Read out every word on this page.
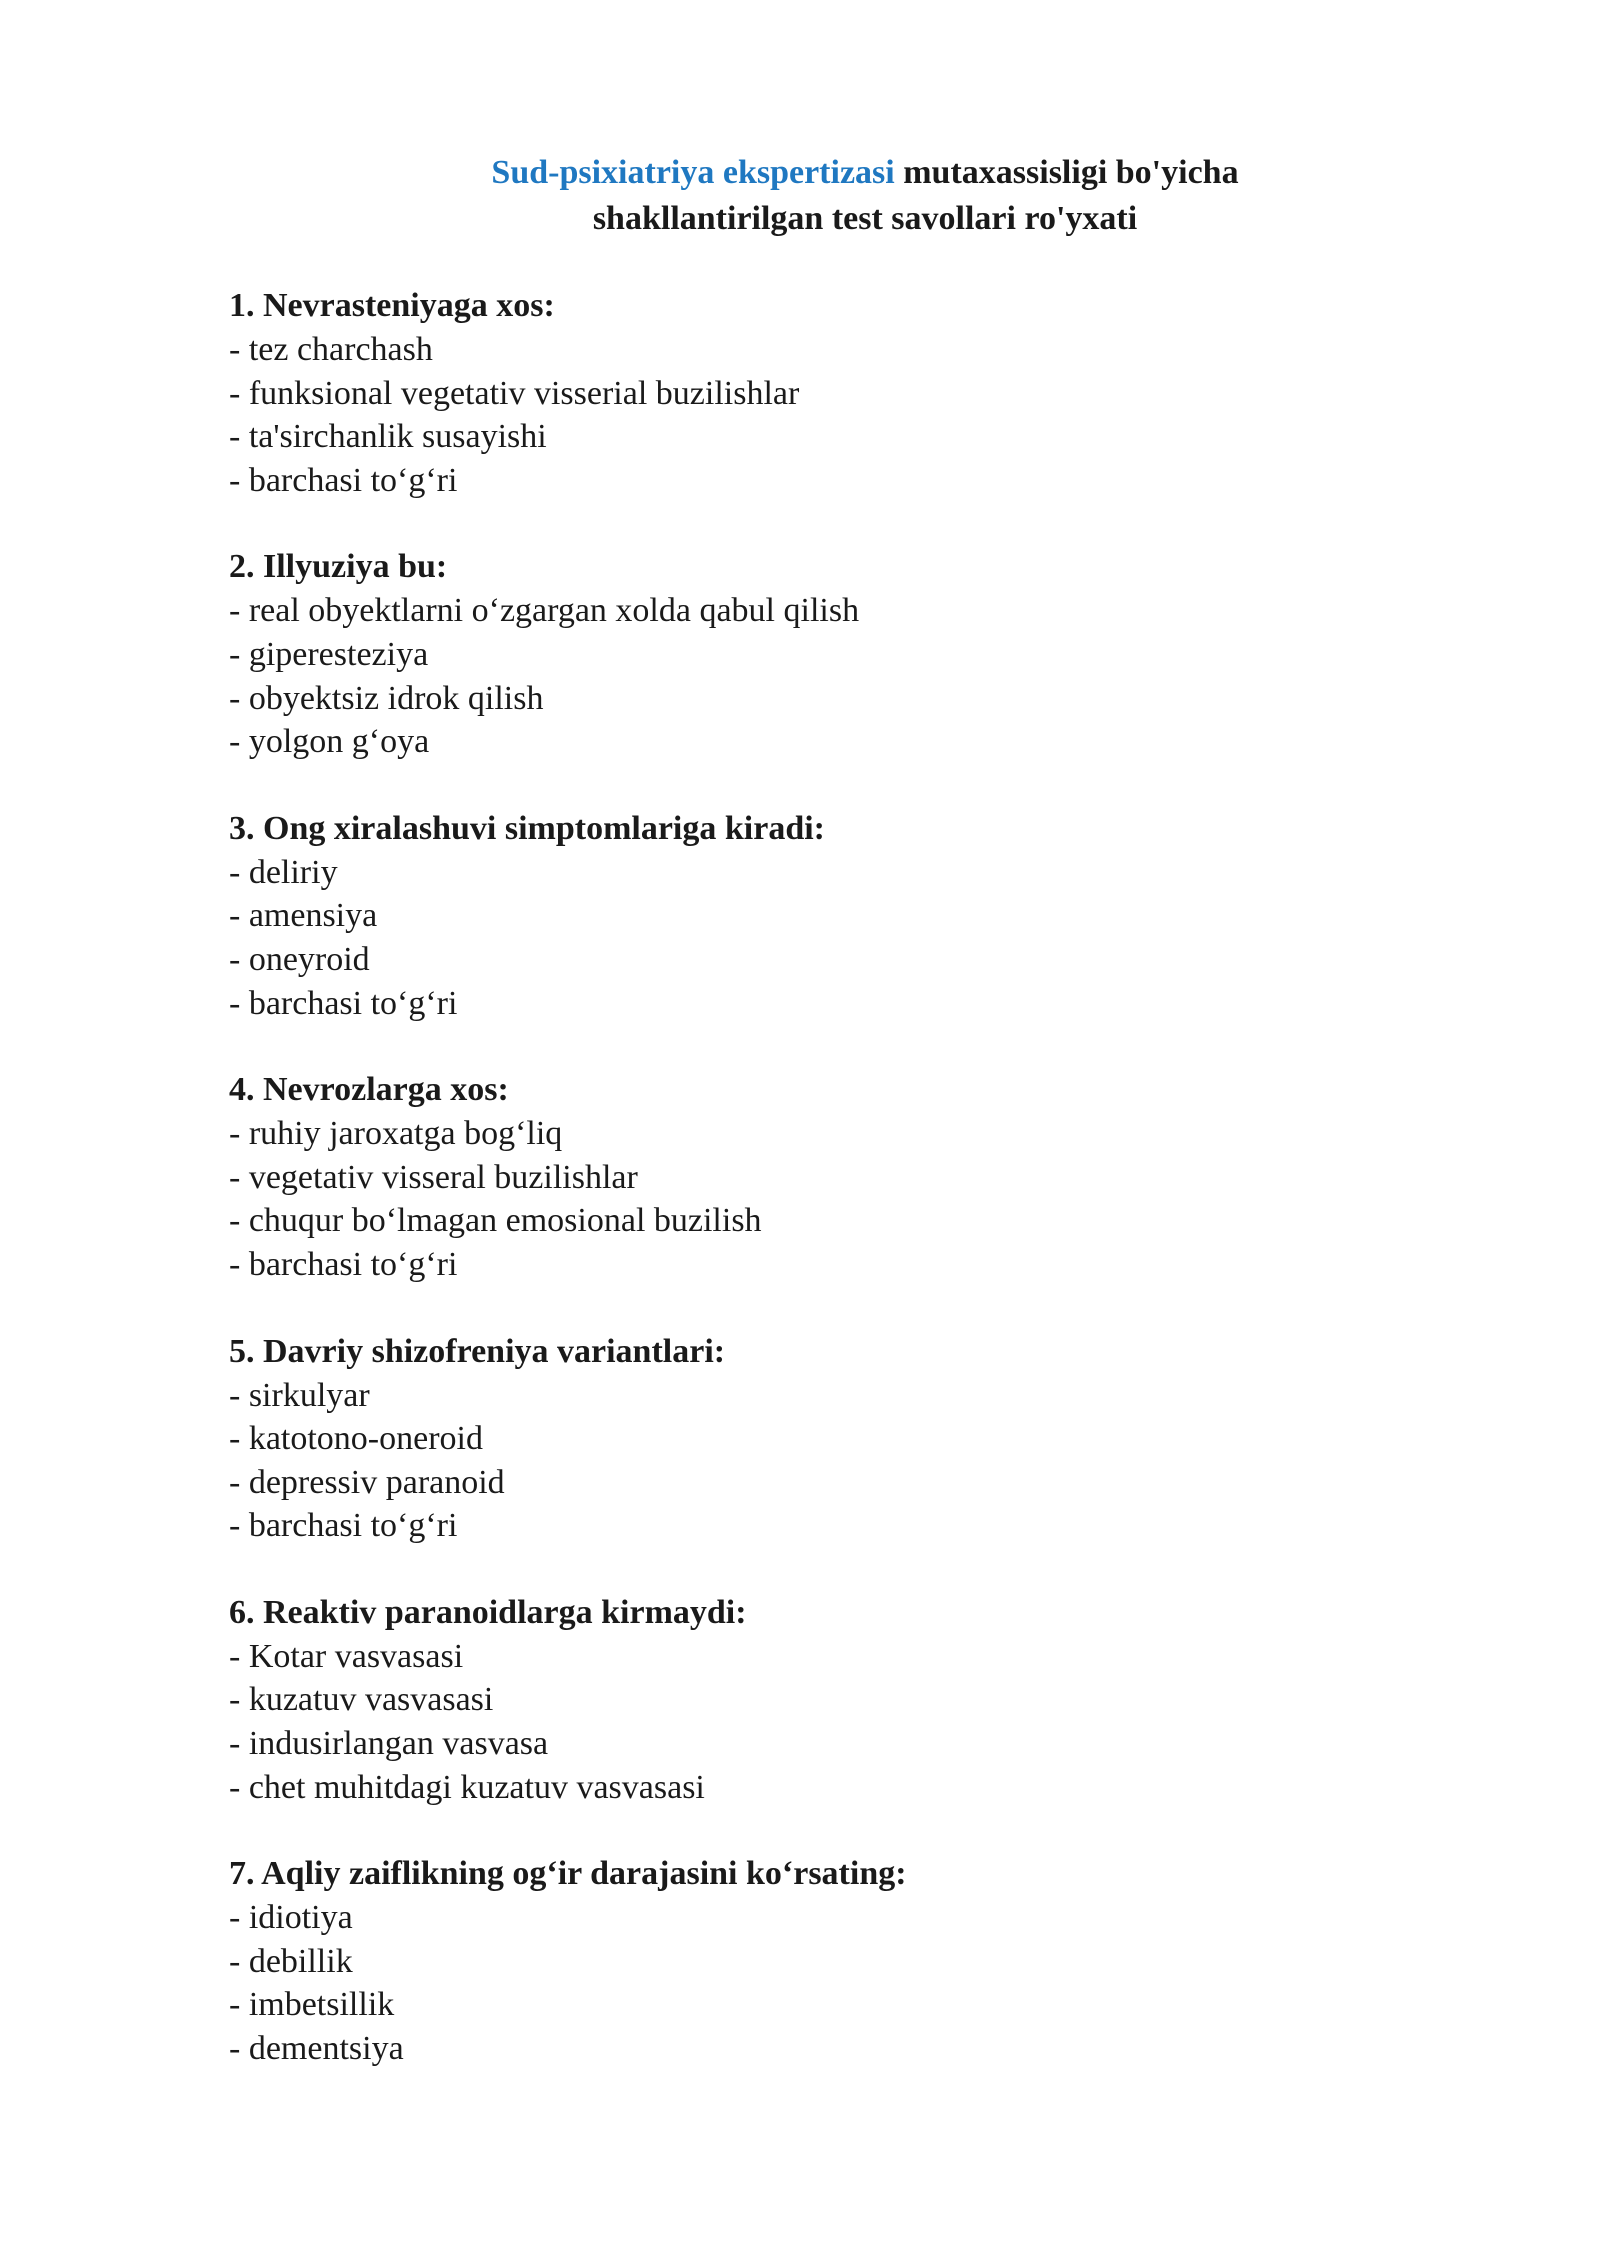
Sud-psixiatriya ekspertizasi mutaxassisligi bo'yicha
shakllantirilgan test savollari ro'yxati
1. Nevrasteniyaga xos:
- tez charchash
- funksional vegetativ visserial buzilishlar
- ta'sirchanlik susayishi
- barchasi to‘g‘ri
2. Illyuziya bu:
- real obyektlarni o‘zgargan xolda qabul qilish
- giperesteziya
- obyektsiz idrok qilish
- yolgon g‘oya
3. Ong xiralashuvi simptomlariga kiradi:
- deliriy
- amensiya
- oneyroid
- barchasi to‘g‘ri
4. Nevrozlarga xos:
- ruhiy jaroxatga bog‘liq
- vegetativ visseral buzilishlar
- chuqur bo‘lmagan emosional buzilish
- barchasi to‘g‘ri
5. Davriy shizofreniya variantlari:
- sirkulyar
- katotono-oneroid
- depressiv paranoid
- barchasi to‘g‘ri
6. Reaktiv paranoidlarga kirmaydi:
- Kotar vasvasasi
- kuzatuv vasvasasi
- indusirlangan vasvasa
- chet muhitdagi kuzatuv vasvasasi
7. Aqliy zaiflikning og‘ir darajasini ko‘rsating:
- idiotiya
- debillik
- imbetsillik
- dementsiya
